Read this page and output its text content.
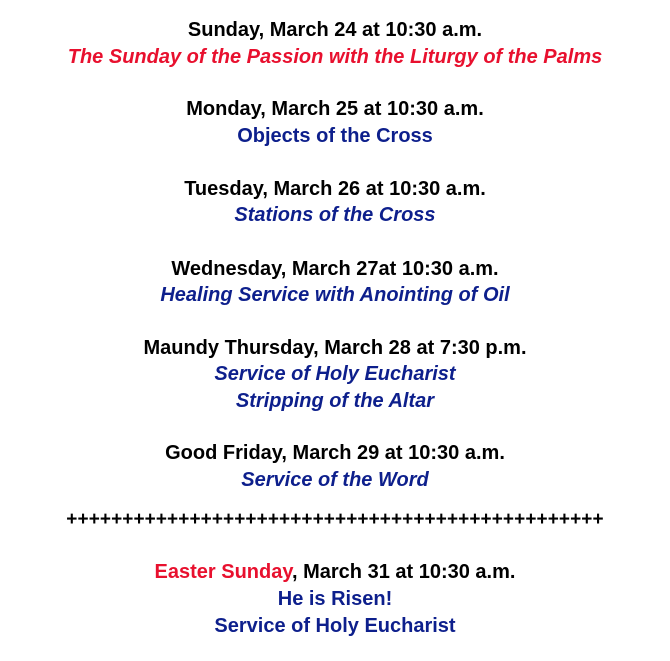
Sunday, March 24 at 10:30 a.m.
The Sunday of the Passion with the Liturgy of the Palms
Monday, March 25 at 10:30 a.m.
Objects of the Cross
Tuesday, March 26 at 10:30 a.m.
Stations of the Cross
Wednesday, March 27at 10:30 a.m.
Healing Service with Anointing of Oil
Maundy Thursday, March 28 at 7:30 p.m.
Service of Holy Eucharist
Stripping of the Altar
Good Friday, March 29 at 10:30 a.m.
Service of the Word
++++++++++++++++++++++++++++++++++++++++++++++++
Easter Sunday, March 31 at 10:30 a.m.
He is Risen!
Service of Holy Eucharist
